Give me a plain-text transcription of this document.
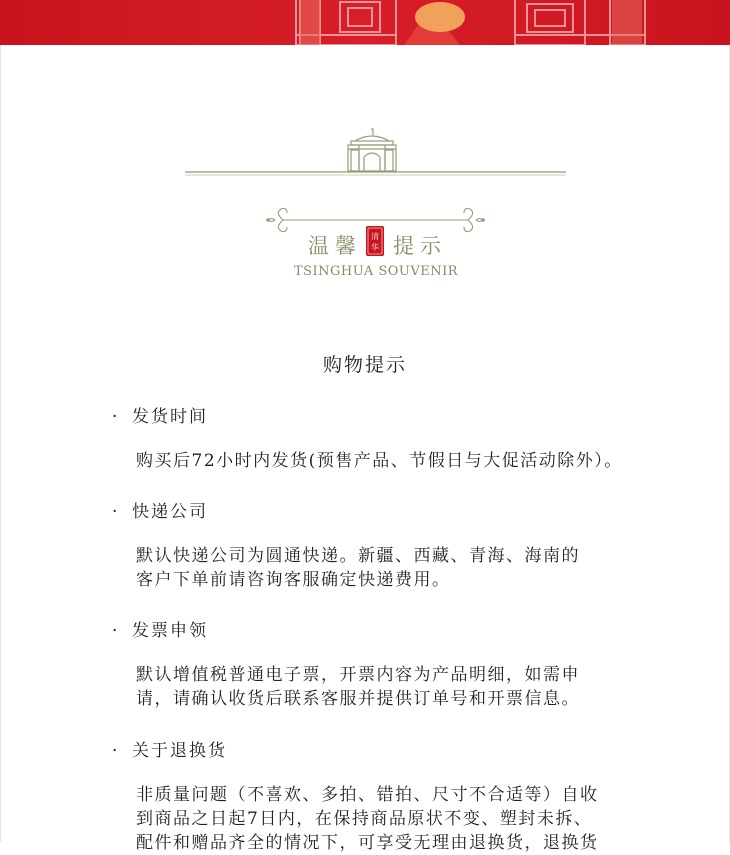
清
华
温馨 提示
TSINGHUA SOUVENIR
购物提示
· 发货时间
购买后72小时内发货(预售产品、节假日与大促活动除外）。
· 快递公司
默认快递公司为圆通快递。新疆、西藏、青海、海南的
客户下单前请咨询客服确定快递费用。
· 发票申领
默认增值税普通电子票，开票内容为产品明细，如需申
请，请确认收货后联系客服并提供订单号和开票信息。
· 关于退换货
非质量问题（不喜欢、多拍、错拍、尺寸不合适等）自收
到商品之日起7日内，在保持商品原状不变、塑封未拆、
配件和赠品齐全的情况下，可享受无理由退换货，退换货
